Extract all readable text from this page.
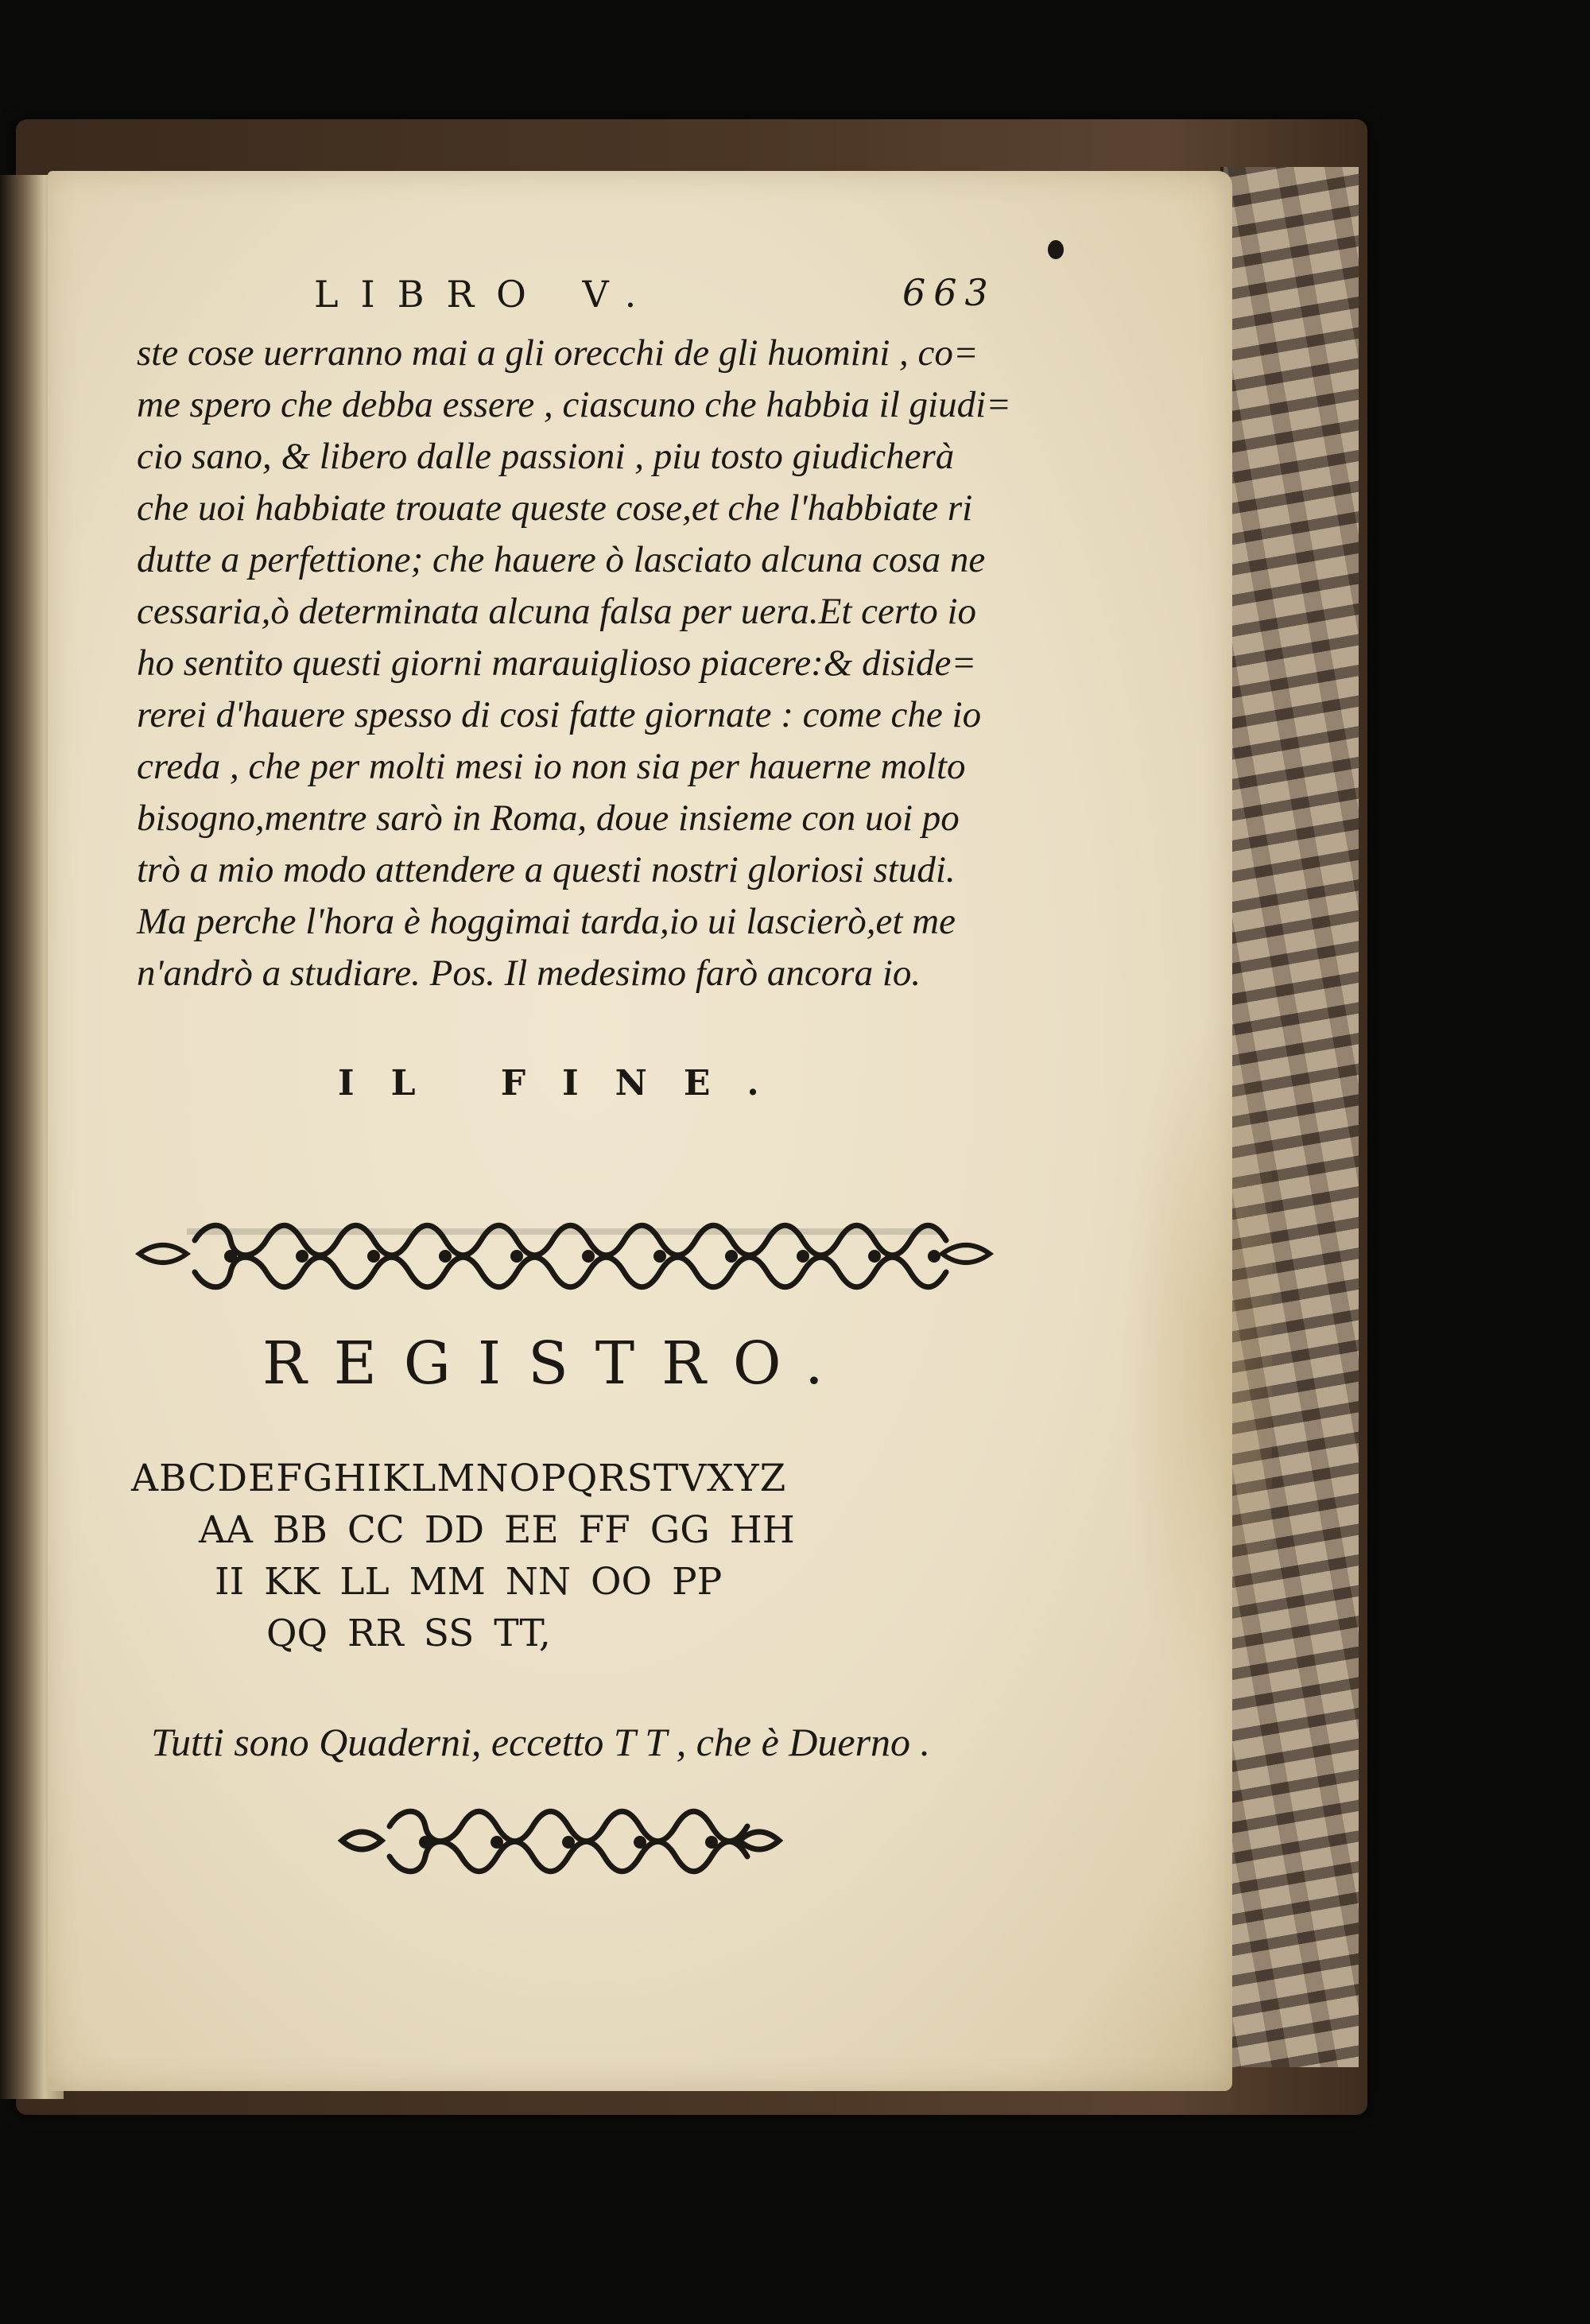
LIBRO V.	663
ste cose uerranno mai a gli orecchi de gli huomini , co=
me spero che debba essere , ciascuno che habbia il giudi=
cio sano, & libero dalle passioni , piu tosto giudicherà
che uoi habbiate trouate queste cose,et che l'habbiate ri
dutte a perfettione; che hauere ò lasciato alcuna cosa ne
cessaria,ò determinata alcuna falsa per uera.Et certo io
ho sentito questi giorni marauiglioso piacere:& diside=
rerei d'hauere spesso di cosi fatte giornate : come che io
creda , che per molti mesi io non sia per hauerne molto
bisogno,mentre sarò in Roma, doue insieme con uoi po
trò a mio modo attendere a questi nostri gloriosi studi.
Ma perche l'hora è hoggimai tarda,io ui lascierò,et me
n'andrò a studiare. Pos. Il medesimo farò ancora io.
IL FINE.
REGISTRO.
ABCDEFGHIKLMNOPQRSTVXYZ
AA BB CC DD EE FF GG HH
II KK LL MM NN OO PP
QQ RR SS TT,
Tutti sono Quaderni, eccetto T T , che è Duerno .
